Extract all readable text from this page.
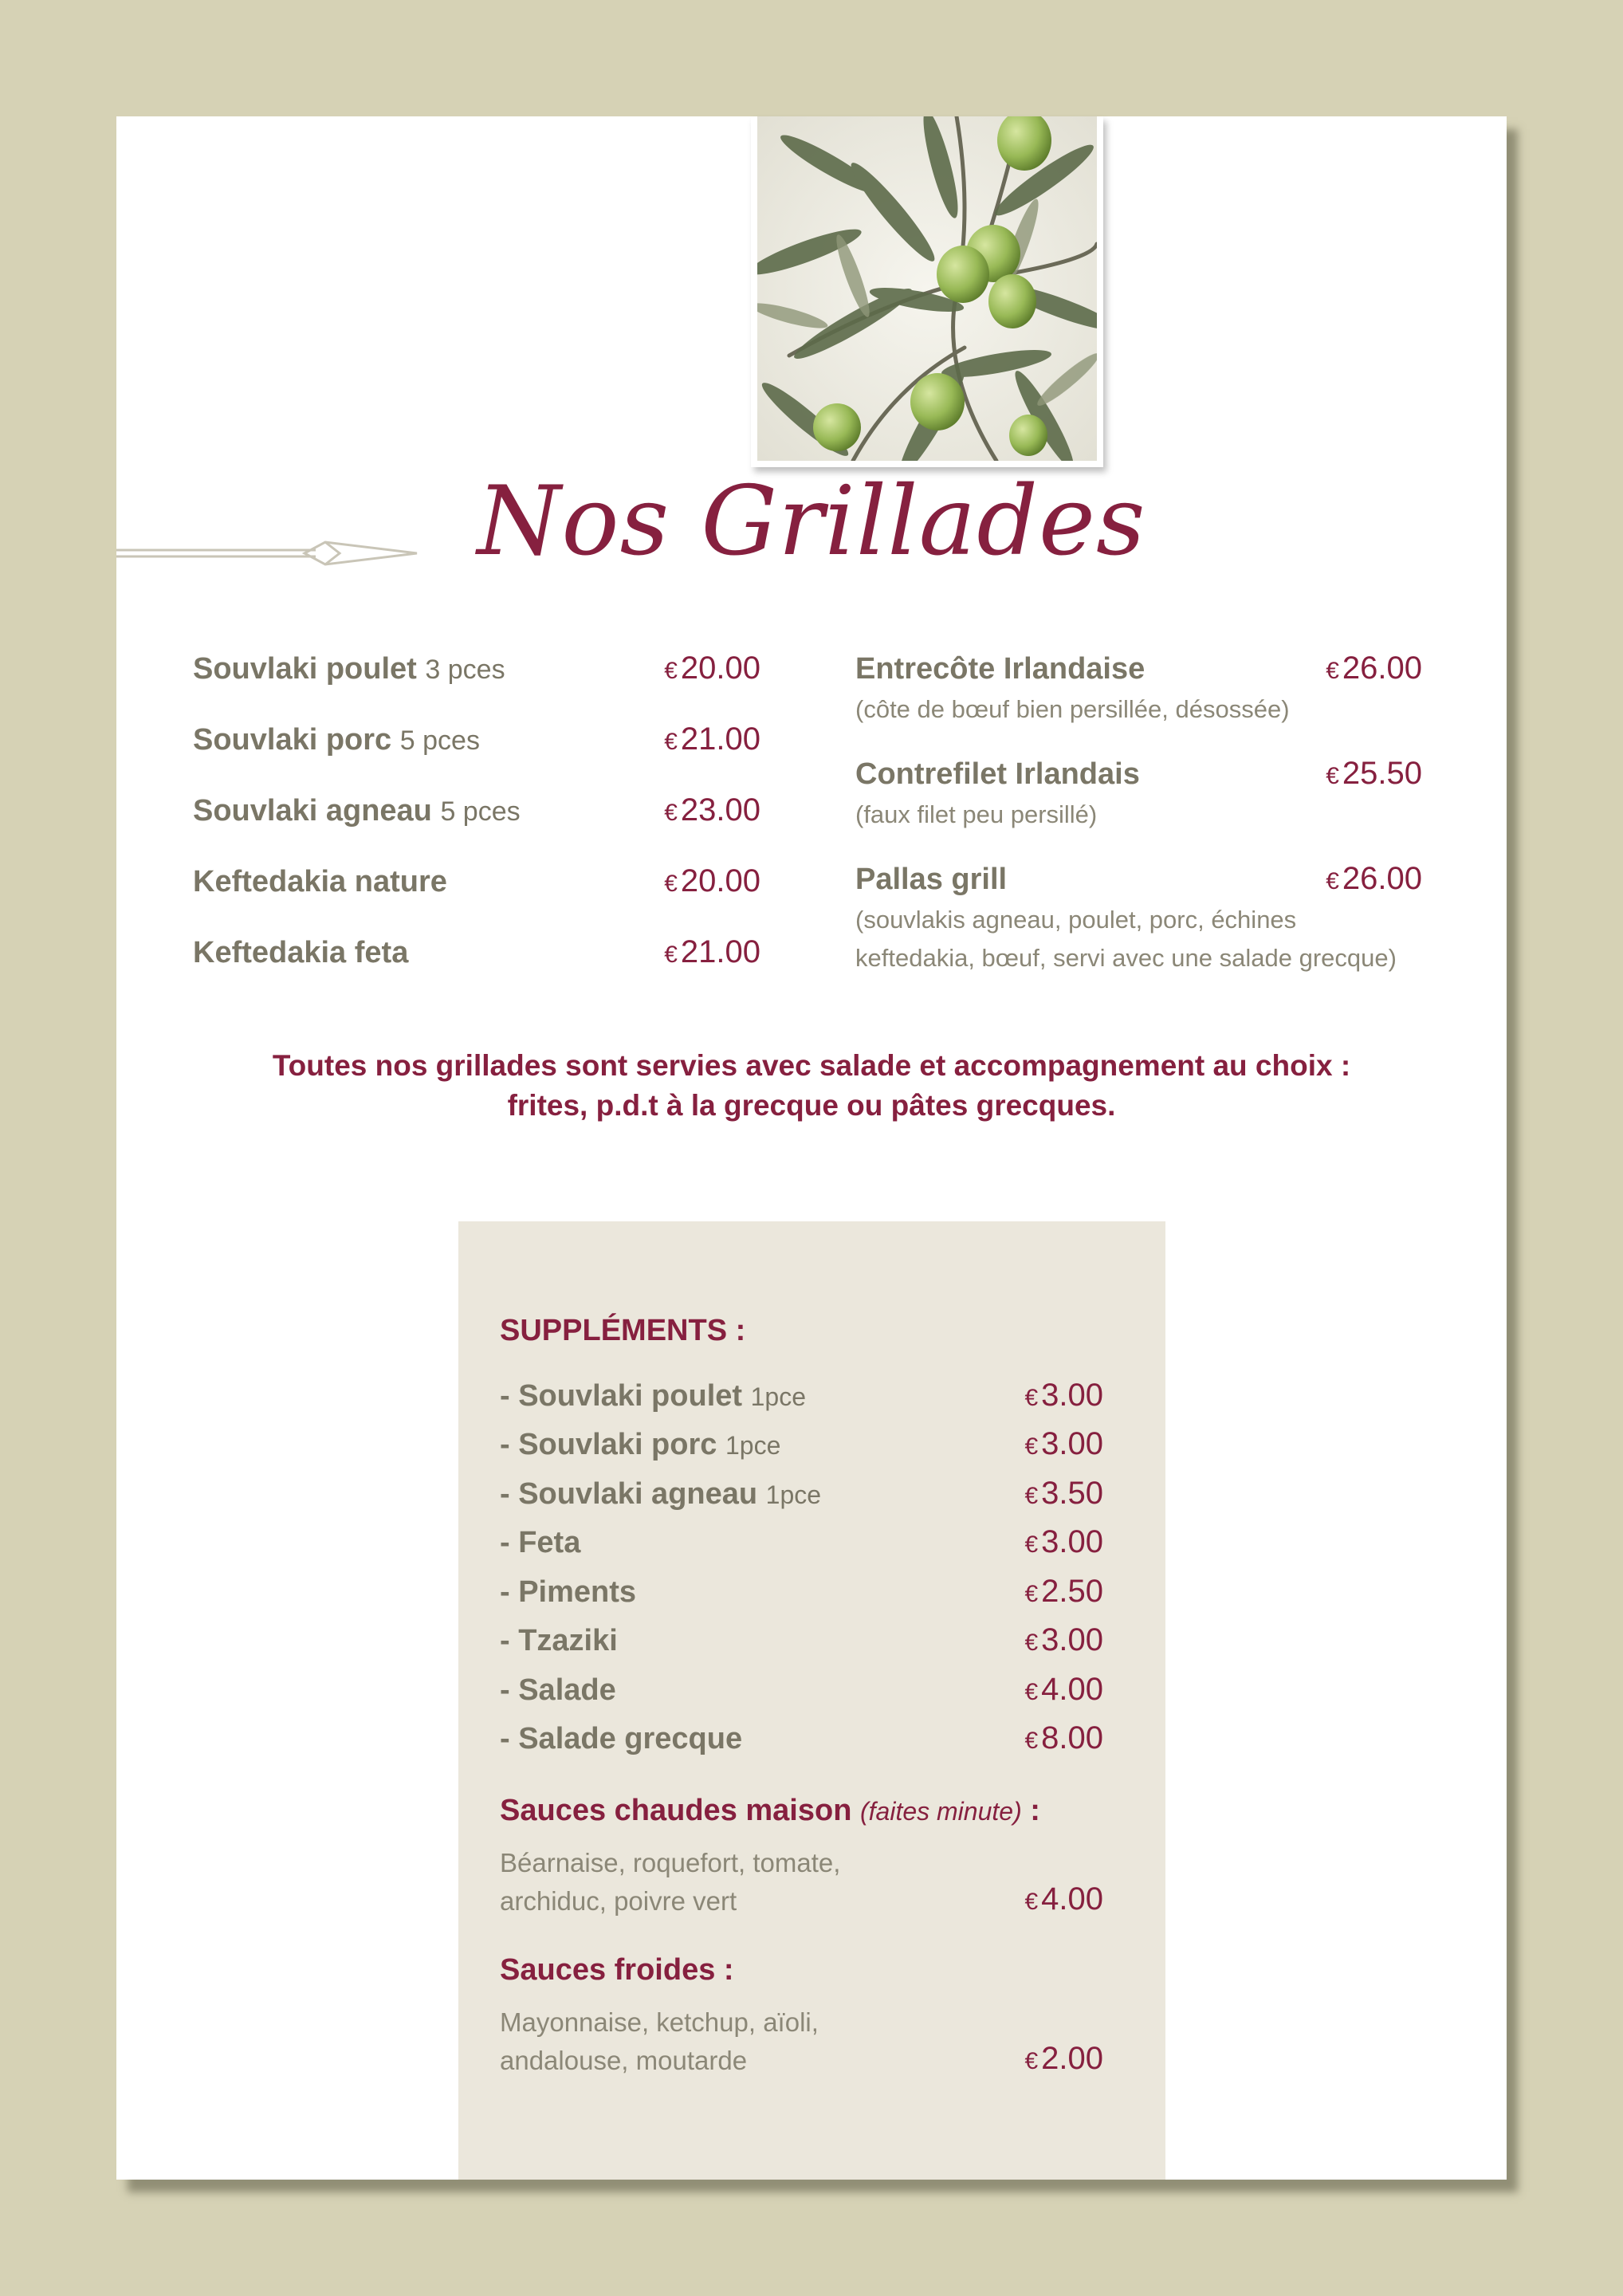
Nos Grillades
Souvlaki poulet 3 pces	€ 20.00
Souvlaki porc 5 pces	€ 21.00
Souvlaki agneau 5 pces	€ 23.00
Keftedakia nature	€ 20.00
Keftedakia feta	€ 21.00
Entrecôte Irlandaise	€ 26.00
(côte de bœuf bien persillée, désossée)
Contrefilet Irlandais	€ 25.50
(faux filet peu persillé)
Pallas grill	€ 26.00
(souvlakis agneau, poulet, porc, échines
keftedakia, bœuf, servi avec une salade grecque)
Toutes nos grillades sont servies avec salade et accompagnement au choix :
frites, p.d.t à la grecque ou pâtes grecques.
SUPPLÉMENTS :
- Souvlaki poulet 1pce	€ 3.00
- Souvlaki porc 1pce	€ 3.00
- Souvlaki agneau 1pce	€ 3.50
- Feta	€ 3.00
- Piments	€ 2.50
- Tzaziki	€ 3.00
- Salade	€ 4.00
- Salade grecque	€ 8.00
Sauces chaudes maison (faites minute) :
Béarnaise, roquefort, tomate,
archiduc, poivre vert	€ 4.00
Sauces froides :
Mayonnaise, ketchup, aïoli,
andalouse, moutarde	€ 2.00
